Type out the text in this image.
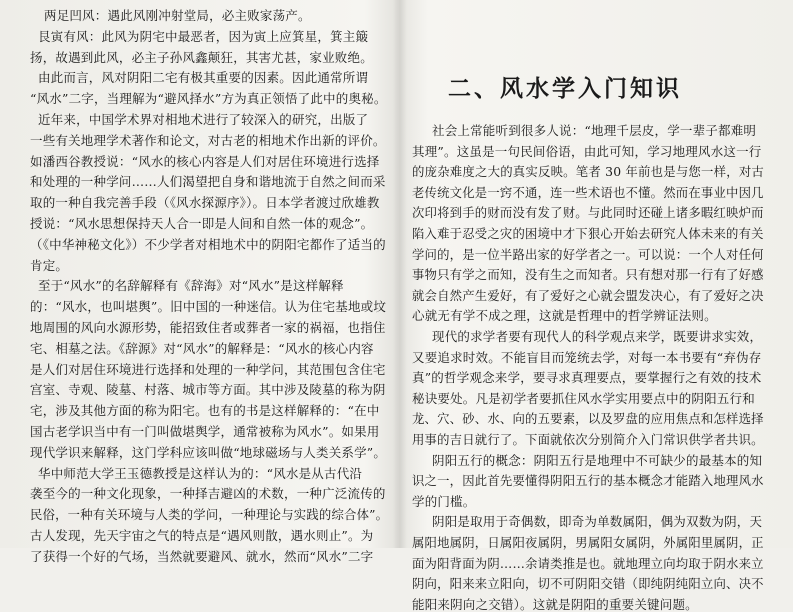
两足凹风：遇此风刚冲射堂局，必主败家荡产。
艮寅有风：此风为阴宅中最恶者，因为寅上应箕星，箕主簸
扬，故遇到此风，必主子孙风鑫颠狂，其害尤甚，家业败绝。
由此而言，风对阴阳二宅有极其重要的因素。因此通常所谓
“风水”二字，当理解为“避风择水”方为真正领悟了此中的奥秘。
近年来，中国学术界对相地术进行了较深入的研究，出版了
一些有关地理学术著作和论文，对古老的相地术作出新的评价。
如潘西谷教授说：“风水的核心内容是人们对居住环境进行选择
和处理的一种学问……人们渴望把自身和谐地流于自然之间而采
取的一种自我完善手段（《风水探源序》）。日本学者渡过欣雄教
授说：“风水思想保持天人合一即是人间和自然一体的观念”。
（《中华神秘文化》）不少学者对相地术中的阴阳宅都作了适当的
肯定。
至于“风水”的名辞解释有《辞海》对“风水”是这样解释
的：“风水，也叫堪舆”。旧中国的一种迷信。认为住宅基地或坟
地周围的风向水源形势，能招致住者或葬者一家的祸福，也指住
宅、相墓之法。《辞源》对“风水”的解释是：“风水的核心内容
是人们对居住环境进行选择和处理的一种学问，其范围包含住宅
宫室、寺观、陵墓、村落、城市等方面。其中涉及陵墓的称为阴
宅，涉及其他方面的称为阳宅。也有的书是这样解释的：“在中
国古老学识当中有一门叫做堪舆学，通常被称为风水”。如果用
现代学识来解释，这门学科应该叫做“地球磁场与人类关系学”。
华中师范大学王玉德教授是这样认为的：“风水是从古代沿
袭至今的一种文化现象，一种择吉避凶的术数，一种广泛流传的
民俗，一种有关环境与人类的学问，一种理论与实践的综合体”。
古人发现，先天宇宙之气的特点是“遇风则散，遇水则止”。为
了获得一个好的气场，当然就要避风、就水，然而“风水”二字
二、风水学入门知识
社会上常能听到很多人说：“地理千层皮，学一辈子都难明
其理”。这虽是一句民间俗语，由此可知，学习地理风水这一行
的庞杂难度之大的真实反映。笔者 30 年前也是与您一样，对古
老传统文化是一窍不通，连一些术语也不懂。然而在事业中因几
次印将到手的财而没有发了财。与此同时还碰上诸多暇红映炉而
陷入难于忍受之灾的困境中才下狠心开始去研究人体未来的有关
学问的，是一位半路出家的好学者之一。可以说：一个人对任何
事物只有学之而知，没有生之而知者。只有想对那一行有了好感
就会自然产生爱好，有了爱好之心就会盟发决心，有了爱好之决
心就无有学不成之理，这就是哲理中的哲学辨证法则。
现代的求学者要有现代人的科学观点来学，既要讲求实效，
又要追求时效。不能盲目而笼统去学，对每一本书要有“弃伪存
真”的哲学观念来学，要寻求真理要点，要掌握行之有效的技术
秘诀要处。凡是初学者要抓住风水学实用要点中的阴阳五行和
龙、穴、砂、水、向的五要素，以及罗盘的应用焦点和怎样选择
用事的吉日就行了。下面就依次分别简介入门常识供学者共识。
阴阳五行的概念：阴阳五行是地理中不可缺少的最基本的知
识之一，因此首先要懂得阴阳五行的基本概念才能踏入地理风水
学的门槛。
阴阳是取用于奇偶数，即奇为单数属阳，偶为双数为阴，天
属阳地属阴，日属阳夜属阴，男属阳女属阴，外属阳里属阴，正
面为阳背面为阴……余请类推是也。就地理立向均取于阴水来立
阴向，阳来来立阳向，切不可阴阳交错（即纯阴纯阳立向、决不
能阳来阴向之交错）。这就是阴阳的重要关键问题。
